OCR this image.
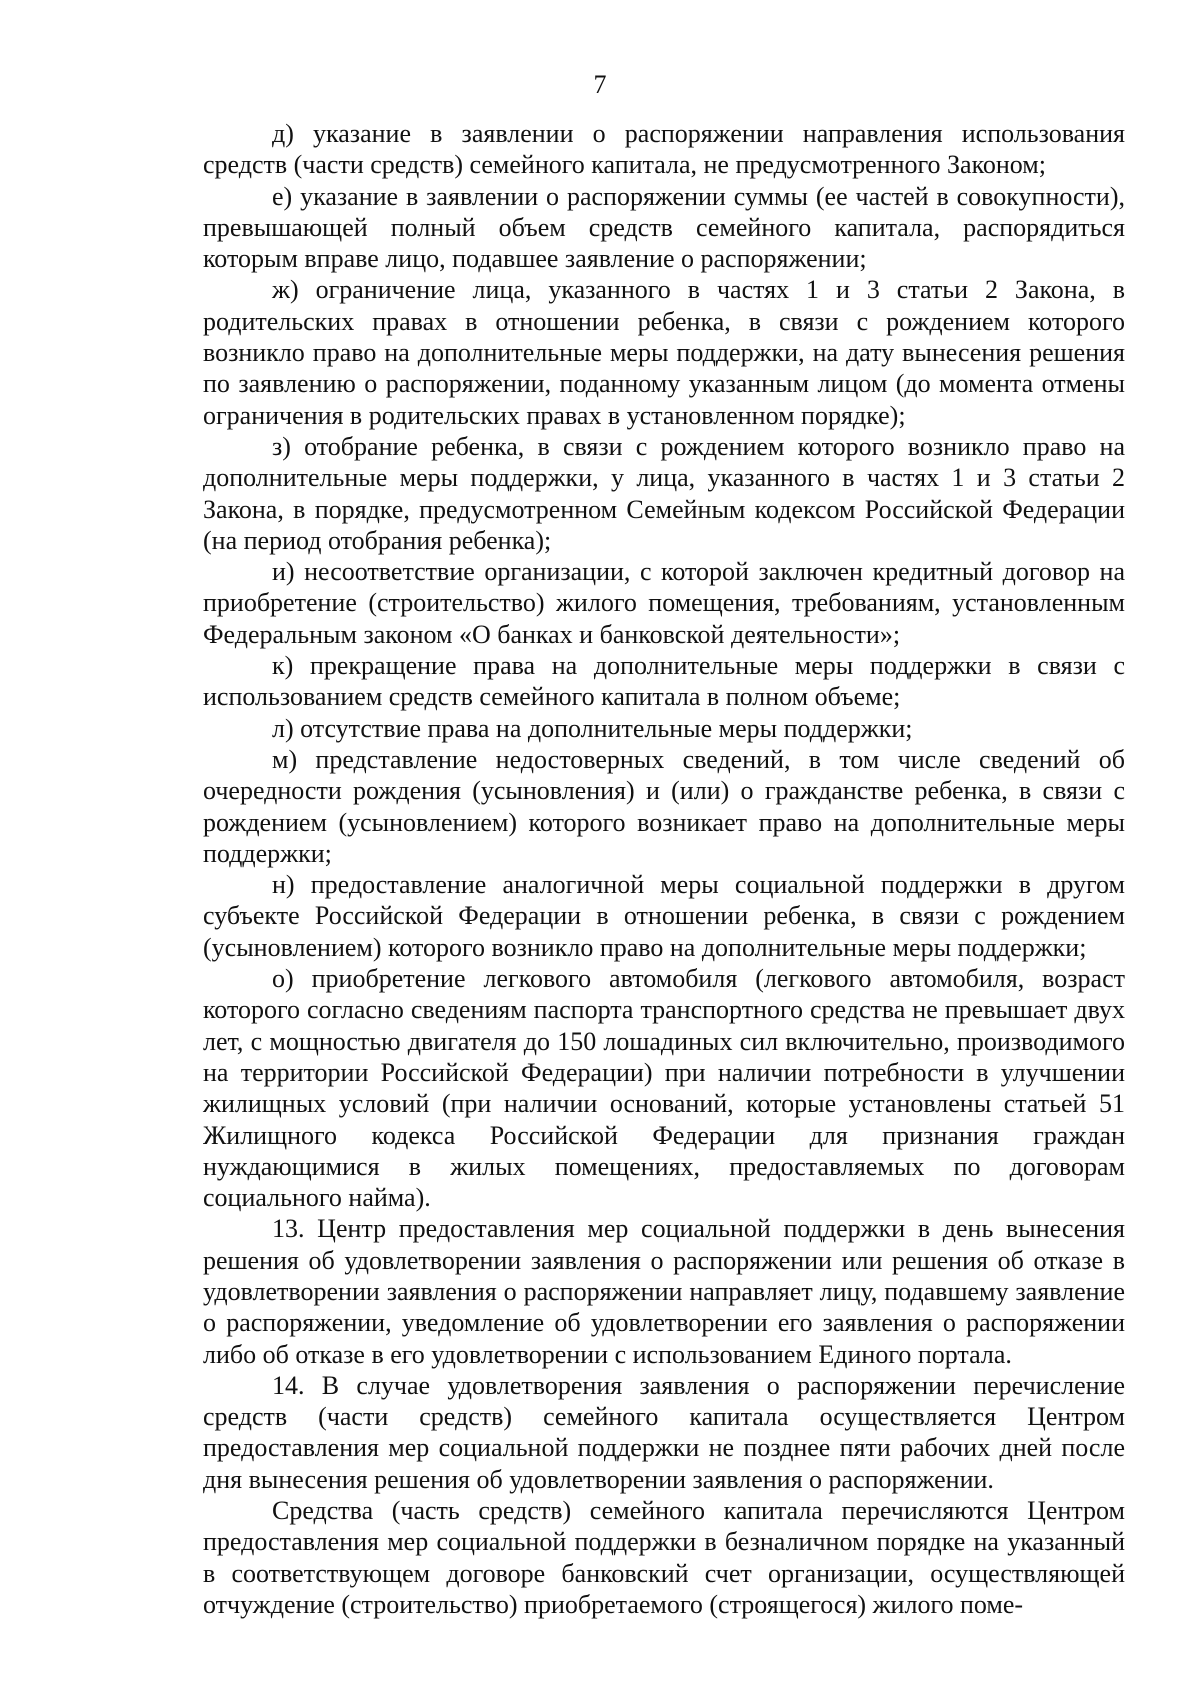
7

д) указание в заявлении о распоряжении направления использования средств (части средств) семейного капитала, не предусмотренного Законом;

е) указание в заявлении о распоряжении суммы (ее частей в совокупности), превышающей полный объем средств семейного капитала, распорядиться которым вправе лицо, подавшее заявление о распоряжении;

ж) ограничение лица, указанного в частях 1 и 3 статьи 2 Закона, в родительских правах в отношении ребенка, в связи с рождением которого возникло право на дополнительные меры поддержки, на дату вынесения решения по заявлению о распоряжении, поданному указанным лицом (до момента отмены ограничения в родительских правах в установленном порядке);

з) отобрание ребенка, в связи с рождением которого возникло право на дополнительные меры поддержки, у лица, указанного в частях 1 и 3 статьи 2 Закона, в порядке, предусмотренном Семейным кодексом Российской Федерации (на период отобрания ребенка);

и) несоответствие организации, с которой заключен кредитный договор на приобретение (строительство) жилого помещения, требованиям, установленным Федеральным законом «О банках и банковской деятельности»;

к) прекращение права на дополнительные меры поддержки в связи с использованием средств семейного капитала в полном объеме;

л) отсутствие права на дополнительные меры поддержки;

м) представление недостоверных сведений, в том числе сведений об очередности рождения (усыновления) и (или) о гражданстве ребенка, в связи с рождением (усыновлением) которого возникает право на дополнительные меры поддержки;

н) предоставление аналогичной меры социальной поддержки в другом субъекте Российской Федерации в отношении ребенка, в связи с рождением (усыновлением) которого возникло право на дополнительные меры поддержки;

о) приобретение легкового автомобиля (легкового автомобиля, возраст которого согласно сведениям паспорта транспортного средства не превышает двух лет, с мощностью двигателя до 150 лошадиных сил включительно, производимого на территории Российской Федерации) при наличии потребности в улучшении жилищных условий (при наличии оснований, которые установлены статьей 51 Жилищного кодекса Российской Федерации для признания граждан нуждающимися в жилых помещениях, предоставляемых по договорам социального найма).

13. Центр предоставления мер социальной поддержки в день вынесения решения об удовлетворении заявления о распоряжении или решения об отказе в удовлетворении заявления о распоряжении направляет лицу, подавшему заявление о распоряжении, уведомление об удовлетворении его заявления о распоряжении либо об отказе в его удовлетворении с использованием Единого портала.

14. В случае удовлетворения заявления о распоряжении перечисление средств (части средств) семейного капитала осуществляется Центром предоставления мер социальной поддержки не позднее пяти рабочих дней после дня вынесения решения об удовлетворении заявления о распоряжении.

Средства (часть средств) семейного капитала перечисляются Центром предоставления мер социальной поддержки в безналичном порядке на указанный в соответствующем договоре банковский счет организации, осуществляющей отчуждение (строительство) приобретаемого (строящегося) жилого поме-
